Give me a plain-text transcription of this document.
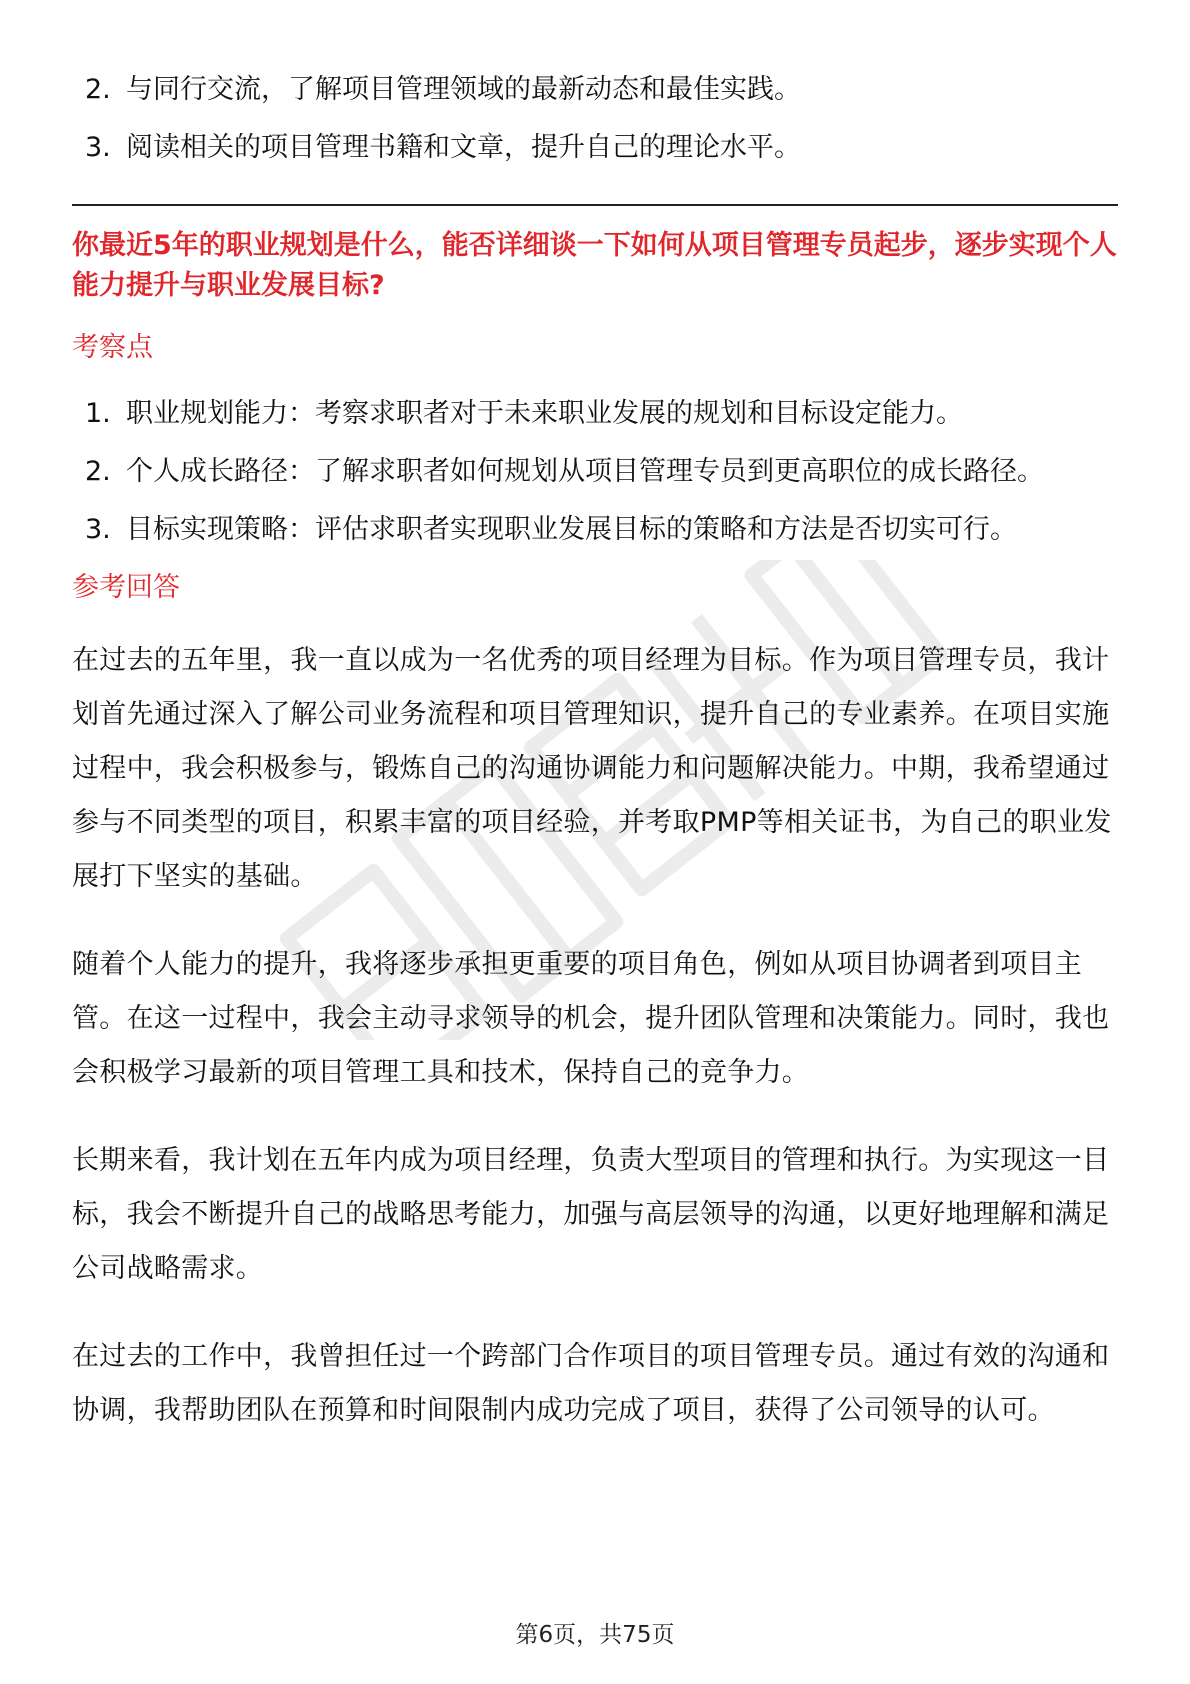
2. 与同行交流，了解项目管理领域的最新动态和最佳实践。
3. 阅读相关的项目管理书籍和文章，提升自己的理论水平。

你最近5年的职业规划是什么，能否详细谈一下如何从项目管理专员起步，逐步实现个人能力提升与职业发展目标?

考察点
1. 职业规划能力：考察求职者对于未来职业发展的规划和目标设定能力。
2. 个人成长路径：了解求职者如何规划从项目管理专员到更高职位的成长路径。
3. 目标实现策略：评估求职者实现职业发展目标的策略和方法是否切实可行。
参考回答

在过去的五年里，我一直以成为一名优秀的项目经理为目标。作为项目管理专员，我计划首先通过深入了解公司业务流程和项目管理知识，提升自己的专业素养。在项目实施过程中，我会积极参与，锻炼自己的沟通协调能力和问题解决能力。中期，我希望通过参与不同类型的项目，积累丰富的项目经验，并考取PMP等相关证书，为自己的职业发展打下坚实的基础。

随着个人能力的提升，我将逐步承担更重要的项目角色，例如从项目协调者到项目主管。在这一过程中，我会主动寻求领导的机会，提升团队管理和决策能力。同时，我也会积极学习最新的项目管理工具和技术，保持自己的竞争力。

长期来看，我计划在五年内成为项目经理，负责大型项目的管理和执行。为实现这一目标，我会不断提升自己的战略思考能力，加强与高层领导的沟通，以更好地理解和满足公司战略需求。

在过去的工作中，我曾担任过一个跨部门合作项目的项目管理专员。通过有效的沟通和协调，我帮助团队在预算和时间限制内成功完成了项目，获得了公司领导的认可。

第6页，共75页
